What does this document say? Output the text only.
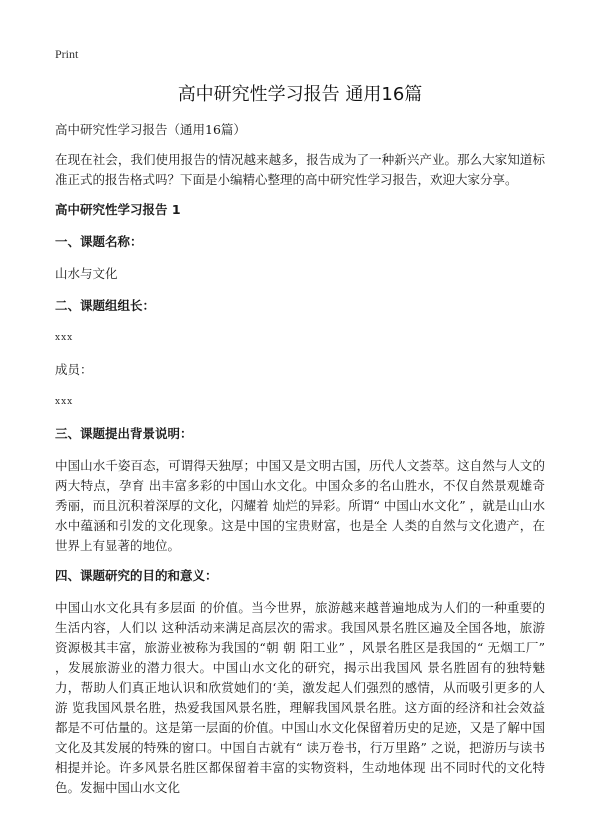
Print
高中研究性学习报告 通用16篇

高中研究性学习报告（通用16篇）

在现在社会，我们使用报告的情况越来越多，报告成为了一种新兴产业。那么大家知道标准正式的报告格式吗？下面是小编精心整理的高中研究性学习报告，欢迎大家分享。

高中研究性学习报告 1

一、课题名称：

山水与文化

二、课题组组长：

xxx

成员：

xxx

三、课题提出背景说明：

中国山水千姿百态，可谓得天独厚；中国又是文明古国，历代人文荟萃。这自然与人文的两大特点，孕育 出丰富多彩的中国山水文化。中国众多的名山胜水，不仅自然景观雄奇秀丽，而且沉积着深厚的文化，闪耀着 灿烂的异彩。所谓“ 中国山水文化” ，就是山山水水中蕴涵和引发的文化现象。这是中国的宝贵财富，也是全 人类的自然与文化遗产，在世界上有显著的地位。

四、课题研究的目的和意义：

中国山水文化具有多层面 的价值。当今世界，旅游越来越普遍地成为人们的一种重要的生活内容，人们以 这种活动来满足高层次的需求。我国风景名胜区遍及全国各地，旅游资源极其丰富，旅游业被称为我国的“朝 朝 阳工业” ，风景名胜区是我国的“ 无烟工厂” ，发展旅游业的潜力很大。中国山水文化的研究，揭示出我国风 景名胜固有的独特魅力，帮助人们真正地认识和欣赏她们的‘美，激发起人们强烈的感情，从而吸引更多的人游 览我国风景名胜，热爱我国风景名胜，理解我国风景名胜。这方面的经济和社会效益都是不可估量的。这是第一层面的价值。中国山水文化保留着历史的足迹，又是了解中国文化及其发展的特殊的窗口。中国自古就有“ 读万卷书，行万里路” 之说，把游历与读书相提并论。许多风景名胜区都保留着丰富的实物资料，生动地体现 出不同时代的文化特色。发掘中国山水文化
